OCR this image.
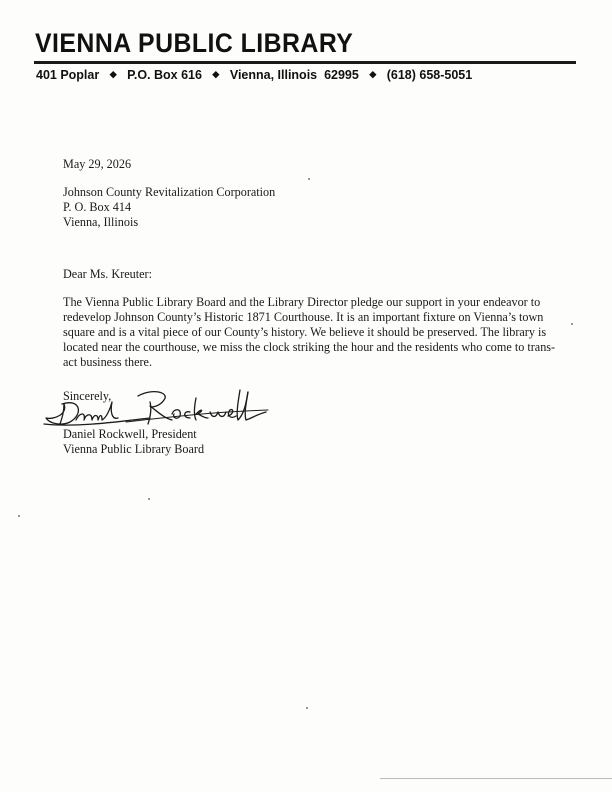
VIENNA PUBLIC LIBRARY
401 Poplar ◆ P.O. Box 616 ◆ Vienna, Illinois  62995 ◆ (618) 658-5051
May 29, 2026
Johnson County Revitalization Corporation
P. O. Box 414
Vienna, Illinois
Dear Ms. Kreuter:
The Vienna Public Library Board and the Library Director pledge our support in your endeavor to
redevelop Johnson County’s Historic 1871 Courthouse. It is an important fixture on Vienna’s town
square and is a vital piece of our County’s history. We believe it should be preserved. The library is
located near the courthouse, we miss the clock striking the hour and the residents who come to trans-
act business there.
Sincerely,
Daniel Rockwell, President
Vienna Public Library Board
